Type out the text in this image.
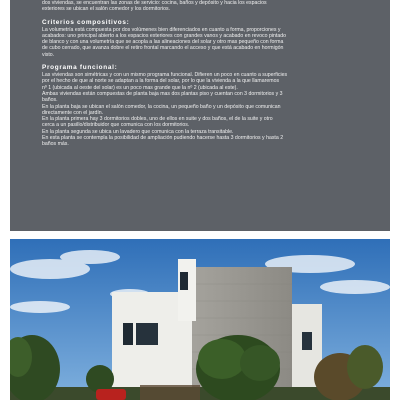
dos viviendas, se encuentran las zonas de servicio: cocina, baños y depósito y hacia los espacios

exteriores se ubican el salón comedor y los dormitorios.

Criterios compositivos:

La volumetría está compuesta por dos volúmenes bien diferenciados en cuanto a forma, proporciones y

acabados: uno principal abierto a los espacios exteriores con grandes vanos y acabado en revoco pintado

de blanco y con una volumetría que se acopla a las alineaciones del solar y otro mas pequeño con forma

de cubo cerrado, que avanza dobre el retiro frontal marcando el acceso y que está acabado en hormigón

visto.

Programa funcional:

Las viviendas son simétricas y con un mismo programa funcional. Difieren un poco en cuanto a superficies

por el hecho de que al norte se adaptan a la forma del solar, por lo que la vivienda a la que llamaremos

nº 1 (ubicada al oeste del solar) es un poco mas grande que la nº 2 (ubicada al este).

Ambas viviendas están compuestas de planta baja mas dos plantas piso y cuentan con 3 dormitorios y 3

baños.

En la planta baja se ubican el salón comedor, la cocina, un pequeño baño y un depósito que comunican

directamente con el jardín.

En la planta primera hay 3 dormitorios dobles, uno de ellos en suite y dos baños, el de la suite y otro

cerca a un pasillo/distribuidor que comunica con los dormitorios.

En la planta segunda se ubica un lavadero que comunica con la terraza transitable.

En esta planta se contempla la posibilidad de ampliación pudiendo hacerse hasta 3 dormitorios y hasta 2

baños más.
